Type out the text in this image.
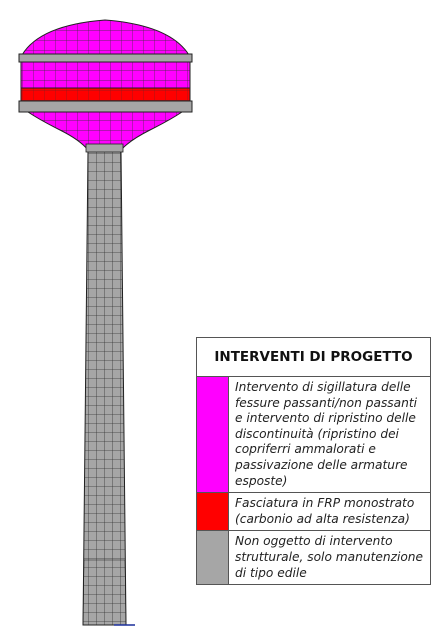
INTERVENTI DI PROGETTO
Intervento di sigillatura delle fessure passanti/non passanti e intervento di ripristino delle discontinuità (ripristino dei copriferri ammalorati e passivazione delle armature esposte)
Fasciatura in FRP monostrato (carbonio ad alta resistenza)
Non oggetto di intervento strutturale, solo manutenzione di tipo edile
